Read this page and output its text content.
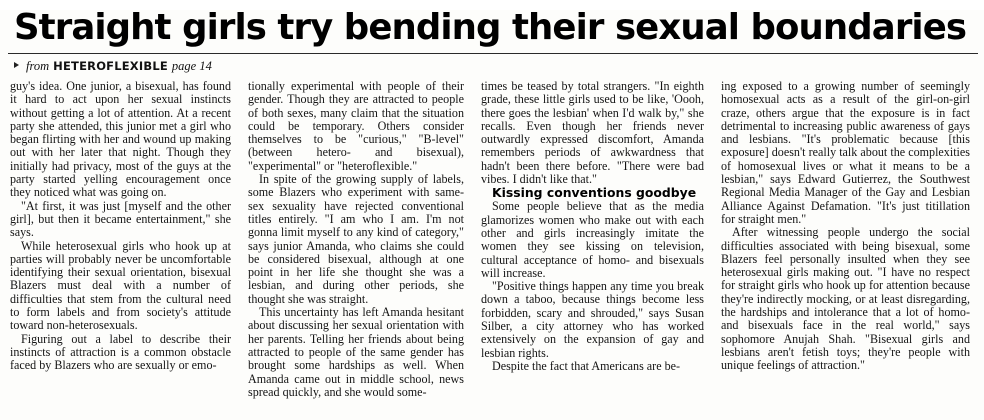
Straight girls try bending their sexual boundaries
from HETEROFLEXIBLE page 14

guy's idea. One junior, a bisexual, has found it hard to act upon her sexual instincts without getting a lot of attention. At a recent party she attended, this junior met a girl who began flirting with her and wound up making out with her later that night. Though they initially had privacy, most of the guys at the party started yelling encouragement once they noticed what was going on.

"At first, it was just [myself and the other girl], but then it became entertainment," she says.

While heterosexual girls who hook up at parties will probably never be uncomfortable identifying their sexual orientation, bisexual Blazers must deal with a number of difficulties that stem from the cultural need to form labels and from society's attitude toward non-heterosexuals.

Figuring out a label to describe their instincts of attraction is a common obstacle faced by Blazers who are sexually or emo-

tionally experimental with people of their gender. Though they are attracted to people of both sexes, many claim that the situation could be temporary. Others consider themselves to be "curious," "B-level" (between hetero- and bisexual), "experimental" or "heteroflexible."

In spite of the growing supply of labels, some Blazers who experiment with same-sex sexuality have rejected conventional titles entirely. "I am who I am. I'm not gonna limit myself to any kind of category," says junior Amanda, who claims she could be considered bisexual, although at one point in her life she thought she was a lesbian, and during other periods, she thought she was straight.

This uncertainty has left Amanda hesitant about discussing her sexual orientation with her parents. Telling her friends about being attracted to people of the same gender has brought some hardships as well. When Amanda came out in middle school, news spread quickly, and she would some-

times be teased by total strangers. "In eighth grade, these little girls used to be like, 'Oooh, there goes the lesbian' when I'd walk by," she recalls. Even though her friends never outwardly expressed discomfort, Amanda remembers periods of awkwardness that hadn't been there before. "There were bad vibes. I didn't like that."

Kissing conventions goodbye

Some people believe that as the media glamorizes women who make out with each other and girls increasingly imitate the women they see kissing on television, cultural acceptance of homo- and bisexuals will increase.

"Positive things happen any time you break down a taboo, because things become less forbidden, scary and shrouded," says Susan Silber, a city attorney who has worked extensively on the expansion of gay and lesbian rights.

Despite the fact that Americans are be-

ing exposed to a growing number of seemingly homosexual acts as a result of the girl-on-girl craze, others argue that the exposure is in fact detrimental to increasing public awareness of gays and lesbians. "It's problematic because [this exposure] doesn't really talk about the complexities of homosexual lives or what it means to be a lesbian," says Edward Gutierrez, the Southwest Regional Media Manager of the Gay and Lesbian Alliance Against Defamation. "It's just titillation for straight men."

After witnessing people undergo the social difficulties associated with being bisexual, some Blazers feel personally insulted when they see heterosexual girls making out. "I have no respect for straight girls who hook up for attention because they're indirectly mocking, or at least disregarding, the hardships and intolerance that a lot of homo- and bisexuals face in the real world," says sophomore Anujah Shah. "Bisexual girls and lesbians aren't fetish toys; they're people with unique feelings of attraction."
